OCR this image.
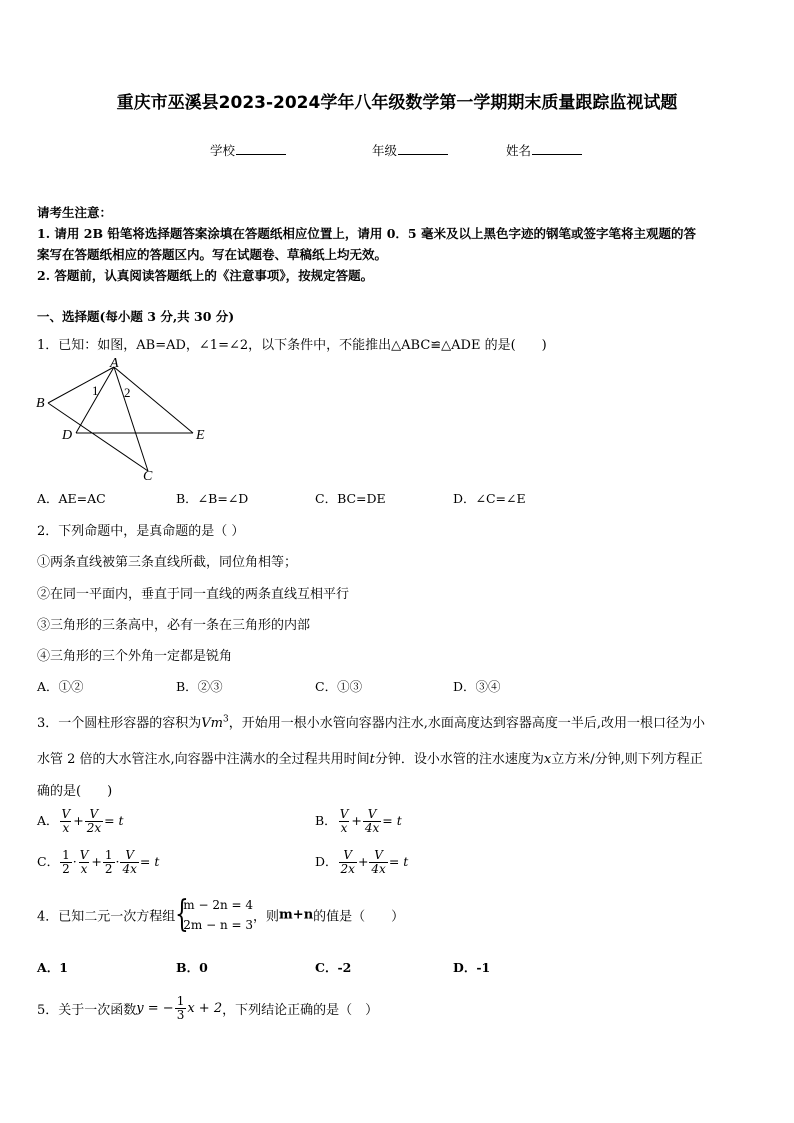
重庆市巫溪县2023-2024学年八年级数学第一学期期末质量跟踪监视试题
学校	年级	姓名
请考生注意：
1. 请用 2B 铅笔将选择题答案涂填在答题纸相应位置上，请用 0．5 毫米及以上黑色字迹的钢笔或签字笔将主观题的答
案写在答题纸相应的答题区内。写在试题卷、草稿纸上均无效。
2. 答题前，认真阅读答题纸上的《注意事项》，按规定答题。
一、选择题(每小题 3 分,共 30 分)
1．已知：如图，AB=AD，∠1=∠2，以下条件中，不能推出△ABC≌△ADE 的是(　　)
A
B
C
D	E
1 2
A．AE=AC	B．∠B=∠D	C．BC=DE	D．∠C=∠E
2．下列命题中，是真命题的是（ ）
①两条直线被第三条直线所截，同位角相等；
②在同一平面内，垂直于同一直线的两条直线互相平行
③三角形的三条高中，必有一条在三角形的内部
④三角形的三个外角一定都是锐角
A．①②	B．②③	C．①③	D．③④
3．一个圆柱形容器的容积为Vm$^3$，开始用一根小水管向容器内注水,水面高度达到容器高度一半后,改用一根口径为小
水管 2 倍的大水管注水,向容器中注满水的全过程共用时间t分钟．设小水管的注水速度为x立方米/分钟,则下列方程正
确的是(　　)
A． $\frac{V}{x} + \frac{V}{2x} = t$	B． $\frac{V}{x} + \frac{V}{4x} = t$
C． $\frac{1}{2} \cdot \frac{V}{x} + \frac{1}{2} \cdot \frac{V}{4x} = t$	D． $\frac{V}{2x} + \frac{V}{4x} = t$
4．已知二元一次方程组 {
m − 2n = 4
2m − n = 3
，则m+n的值是（　　）
A．1	B．0	C．-2	D．-1
5．关于一次函数y = − $\frac{1}{3}$ x + 2，下列结论正确的是（　）
